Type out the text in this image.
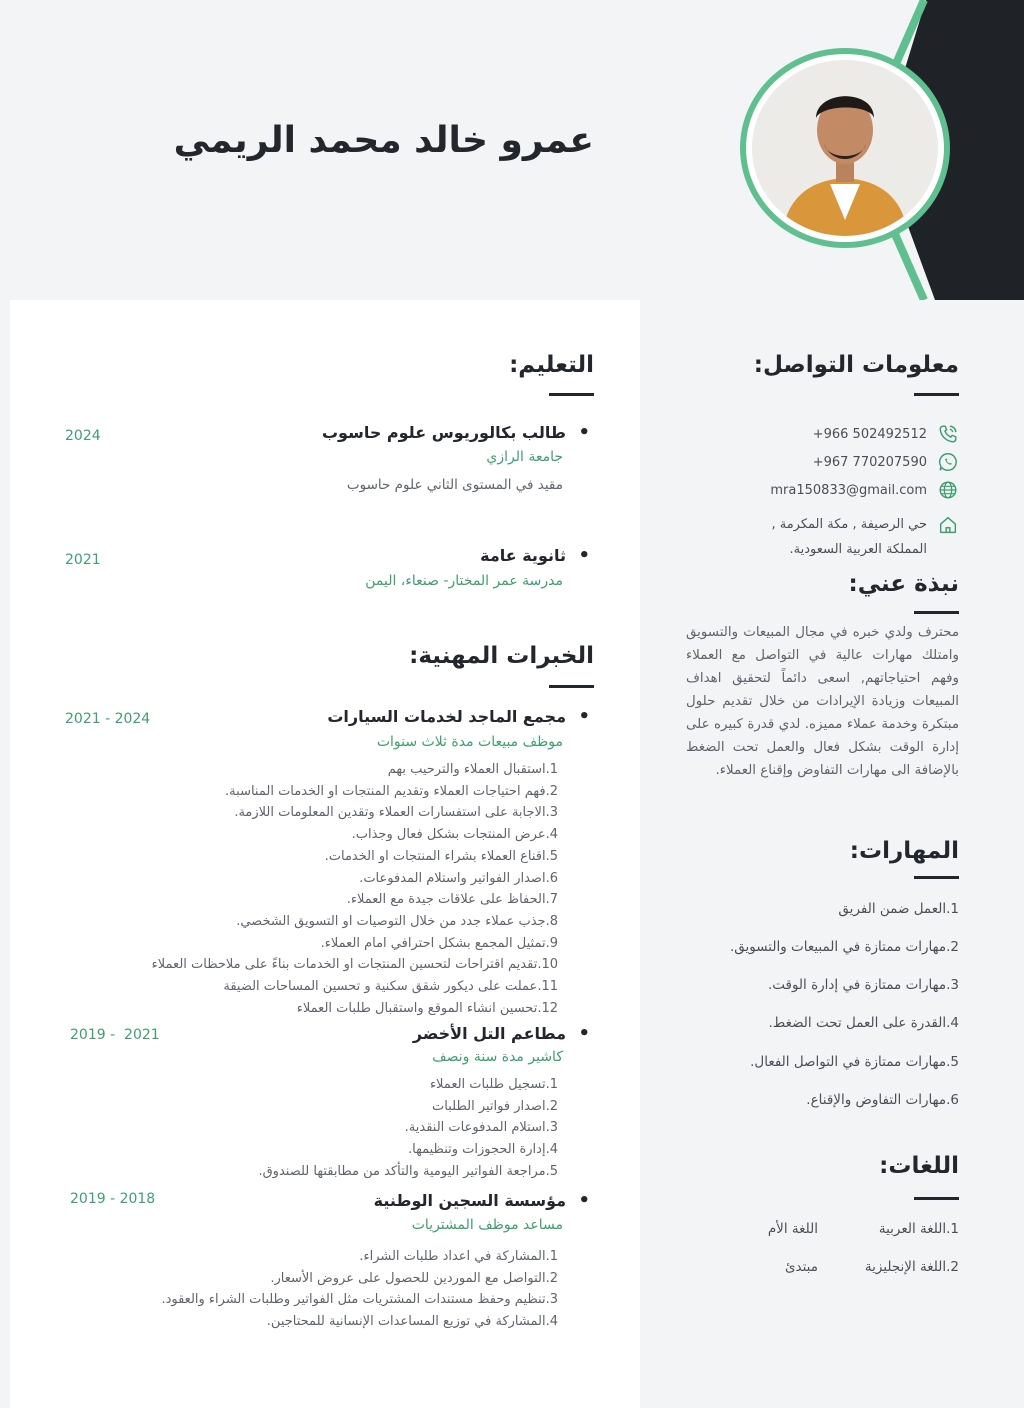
عمرو خالد محمد الريمي
التعليم:
طالب بكالوريوس علوم حاسوب •
جامعة الرازي
مقيد في المستوى الثاني علوم حاسوب
2024
ثانوية عامة •
مدرسة عمر المختار- صنعاء، اليمن
2021
الخبرات المهنية:
مجمع الماجد لخدمات السيارات •
موظف مبيعات مدة ثلاث سنوات
2021 - 2024
1.استقبال العملاء والترحيب بهم
2.فهم احتياجات العملاء وتقديم المنتجات او الخدمات المناسبة.
3.الاجابة على استفسارات العملاء وتقدين المعلومات اللازمة.
4.عرض المنتجات بشكل فعال وجذاب.
5.اقناع العملاء بشراء المنتجات او الخدمات.
6.اصدار الفواتير واستلام المدفوعات.
7.الحفاظ على علاقات جيدة مع العملاء.
8.جذب عملاء جدد من خلال التوصيات او التسويق الشخصي.
9.تمثيل المجمع بشكل احترافي امام العملاء.
10.تقديم اقتراحات لتحسين المنتجات او الخدمات بناءً على ملاحظات العملاء
11.عملت على ديكور شقق سكنية و تحسين المساحات الضيقة
12.تحسين انشاء الموقع واستقبال طلبات العملاء
مطاعم التل الأخضر •
كاشير مدة سنة ونصف
2019 -  2021
1.تسجيل طلبات العملاء
2.اصدار فواتير الطلبات
3.استلام المدفوعات النقدية.
4.إدارة الحجوزات وتنظيمها.
5.مراجعة الفواتير اليومية والتأكد من مطابقتها للصندوق.
مؤسسة السجين الوطنية •
مساعد موظف المشتريات
2019 - 2018
1.المشاركة في اعداد طلبات الشراء.
2.التواصل مع الموردين للحصول على عروض الأسعار.
3.تنظيم وحفظ مستندات المشتريات مثل الفواتير وطلبات الشراء والعقود.
4.المشاركة في توزيع المساعدات الإنسانية للمحتاجين.
معلومات التواصل:
+966 502492512
+967 770207590
mra150833@gmail.com
حي الرصيفة , مكة المكرمة ,
المملكة العربية السعودية.
نبذة عني:
محترف ولدي خبره في مجال المبيعات والتسويق وامتلك مهارات عالية في التواصل مع العملاء وفهم احتياجاتهم, اسعى دائماً لتحقيق اهداف المبيعات وزيادة الإيرادات من خلال تقديم حلول مبتكرة وخدمة عملاء مميزه. لدي قدرة كبيره على إدارة الوقت بشكل فعال والعمل تحت الضغط بالإضافة الى مهارات التفاوض وإقناع العملاء.
المهارات:
1.العمل ضمن الفريق
2.مهارات ممتازة في المبيعات والتسويق.
3.مهارات ممتازة في إدارة الوقت.
4.القدرة على العمل تحت الضغط.
5.مهارات ممتازة في التواصل الفعال.
6.مهارات التفاوض والإقناع.
اللغات:
1.اللغة العربية
اللغة الأم
2.اللغة الإنجليزية
مبتدئ
